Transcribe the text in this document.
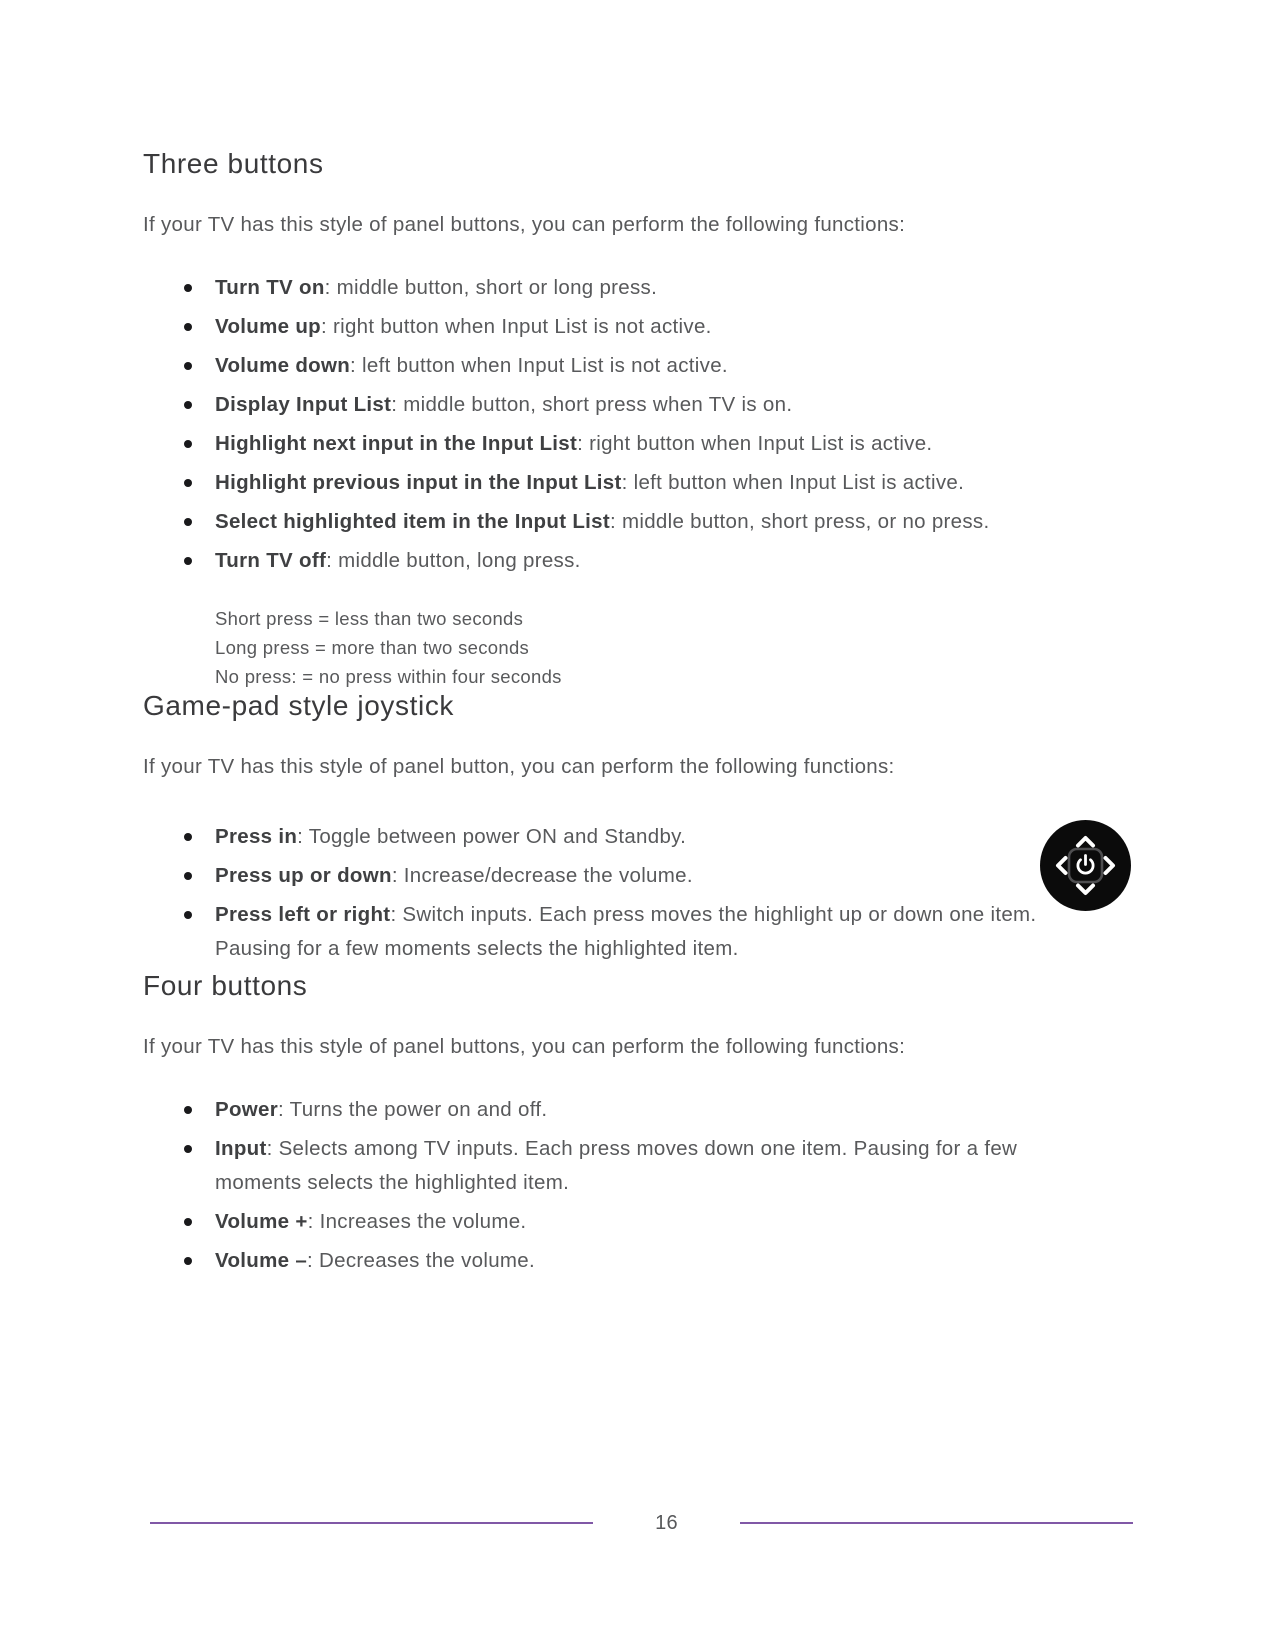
Three buttons

If your TV has this style of panel buttons, you can perform the following functions:

Turn TV on: middle button, short or long press.
Volume up: right button when Input List is not active.
Volume down: left button when Input List is not active.
Display Input List: middle button, short press when TV is on.
Highlight next input in the Input List: right button when Input List is active.
Highlight previous input in the Input List: left button when Input List is active.
Select highlighted item in the Input List: middle button, short press, or no press.
Turn TV off: middle button, long press.
Short press = less than two seconds
Long press = more than two seconds
No press: = no press within four seconds
Game-pad style joystick

If your TV has this style of panel button, you can perform the following functions:

Press in: Toggle between power ON and Standby.
Press up or down: Increase/decrease the volume.
Press left or right: Switch inputs. Each press moves the highlight up or down one item. Pausing for a few moments selects the highlighted item.
Four buttons

If your TV has this style of panel buttons, you can perform the following functions:

Power: Turns the power on and off.
Input: Selects among TV inputs. Each press moves down one item. Pausing for a few moments selects the highlighted item.
Volume +: Increases the volume.
Volume –: Decreases the volume.
16
